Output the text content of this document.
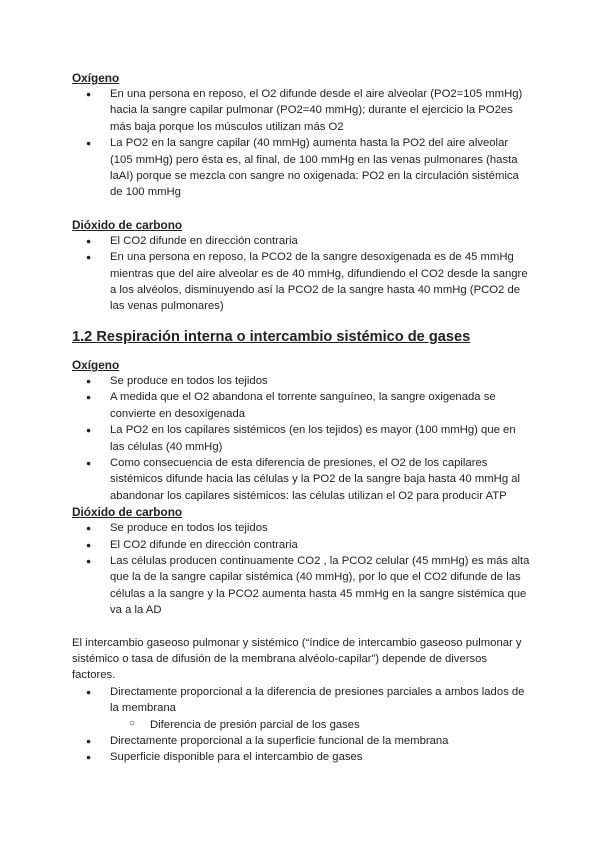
Oxígeno
● En una persona en reposo, el O2 difunde desde el aire alveolar (PO2=105 mmHg) hacia la sangre capilar pulmonar (PO2=40 mmHg); durante el ejercicio la PO2es más baja porque los músculos utilizan más O2
● La PO2 en la sangre capilar (40 mmHg) aumenta hasta la PO2 del aire alveolar (105 mmHg) pero ésta es, al final, de 100 mmHg en las venas pulmonares (hasta laAI) porque se mezcla con sangre no oxigenada: PO2 en la circulación sistémica de 100 mmHg
Dióxido de carbono
● El CO2 difunde en dirección contraria
● En una persona en reposo, la PCO2 de la sangre desoxigenada es de 45 mmHg mientras que del aire alveolar es de 40 mmHg, difundiendo el CO2 desde la sangre a los alvéolos, disminuyendo así la PCO2 de la sangre hasta 40 mmHg (PCO2 de las venas pulmonares)
1.2 Respiración interna o intercambio sistémico de gases
Oxígeno
● Se produce en todos los tejidos
● A medida que el O2 abandona el torrente sanguíneo, la sangre oxigenada se convierte en desoxigenada
● La PO2 en los capilares sistémicos (en los tejidos) es mayor (100 mmHg) que en las células (40 mmHg)
● Como consecuencia de esta diferencia de presiones, el O2 de los capilares sistémicos difunde hacia las células y la PO2 de la sangre baja hasta 40 mmHg al abandonar los capilares sistémicos: las células utilizan el O2 para producir ATP
Dióxido de carbono
● Se produce en todos los tejidos
● El CO2 difunde en dirección contraria
● Las células producen continuamente CO2 , la PCO2 celular (45 mmHg) es más alta que la de la sangre capilar sistémica (40 mmHg), por lo que el CO2 difunde de las células a la sangre y la PCO2 aumenta hasta 45 mmHg en la sangre sistémica que va a la AD

El intercambio gaseoso pulmonar y sistémico (“índice de intercambio gaseoso pulmonar y sistémico o tasa de difusión de la membrana alvéolo-capilar”) depende de diversos factores.

● Directamente proporcional a la diferencia de presiones parciales a ambos lados de la membrana
○ Diferencia de presión parcial de los gases
● Directamente proporcional a la superficie funcional de la membrana
● Superficie disponible para el intercambio de gases
